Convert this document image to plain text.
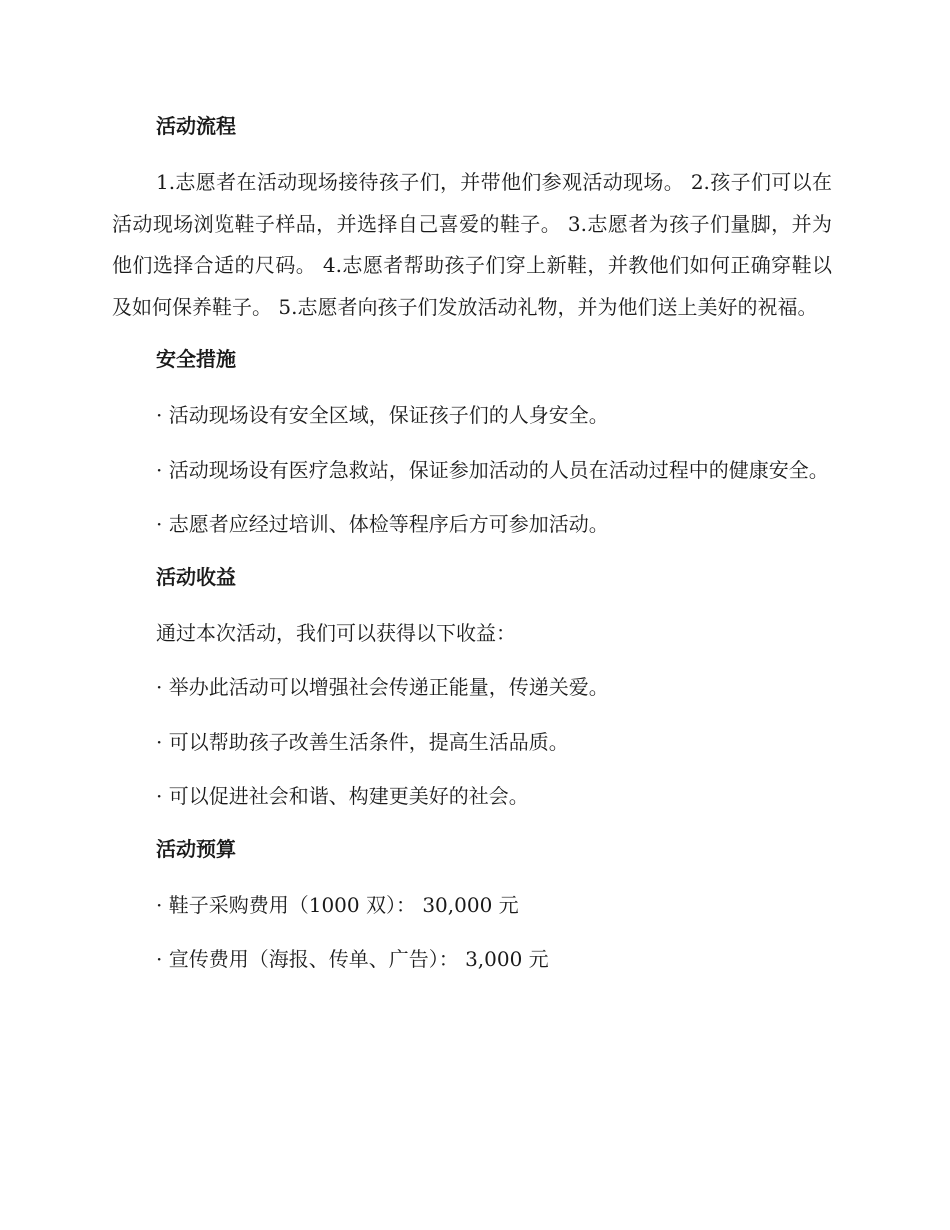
活动流程

1.志愿者在活动现场接待孩子们，并带他们参观活动现场。 2.孩子们可以在活动现场浏览鞋子样品，并选择自己喜爱的鞋子。 3.志愿者为孩子们量脚，并为他们选择合适的尺码。 4.志愿者帮助孩子们穿上新鞋，并教他们如何正确穿鞋以及如何保养鞋子。 5.志愿者向孩子们发放活动礼物，并为他们送上美好的祝福。

安全措施

· 活动现场设有安全区域，保证孩子们的人身安全。

· 活动现场设有医疗急救站，保证参加活动的人员在活动过程中的健康安全。

· 志愿者应经过培训、体检等程序后方可参加活动。

活动收益

通过本次活动，我们可以获得以下收益：

· 举办此活动可以增强社会传递正能量，传递关爱。

· 可以帮助孩子改善生活条件，提高生活品质。

· 可以促进社会和谐、构建更美好的社会。

活动预算

· 鞋子采购费用（1000 双）： 30,000 元

· 宣传费用（海报、传单、广告）： 3,000 元
